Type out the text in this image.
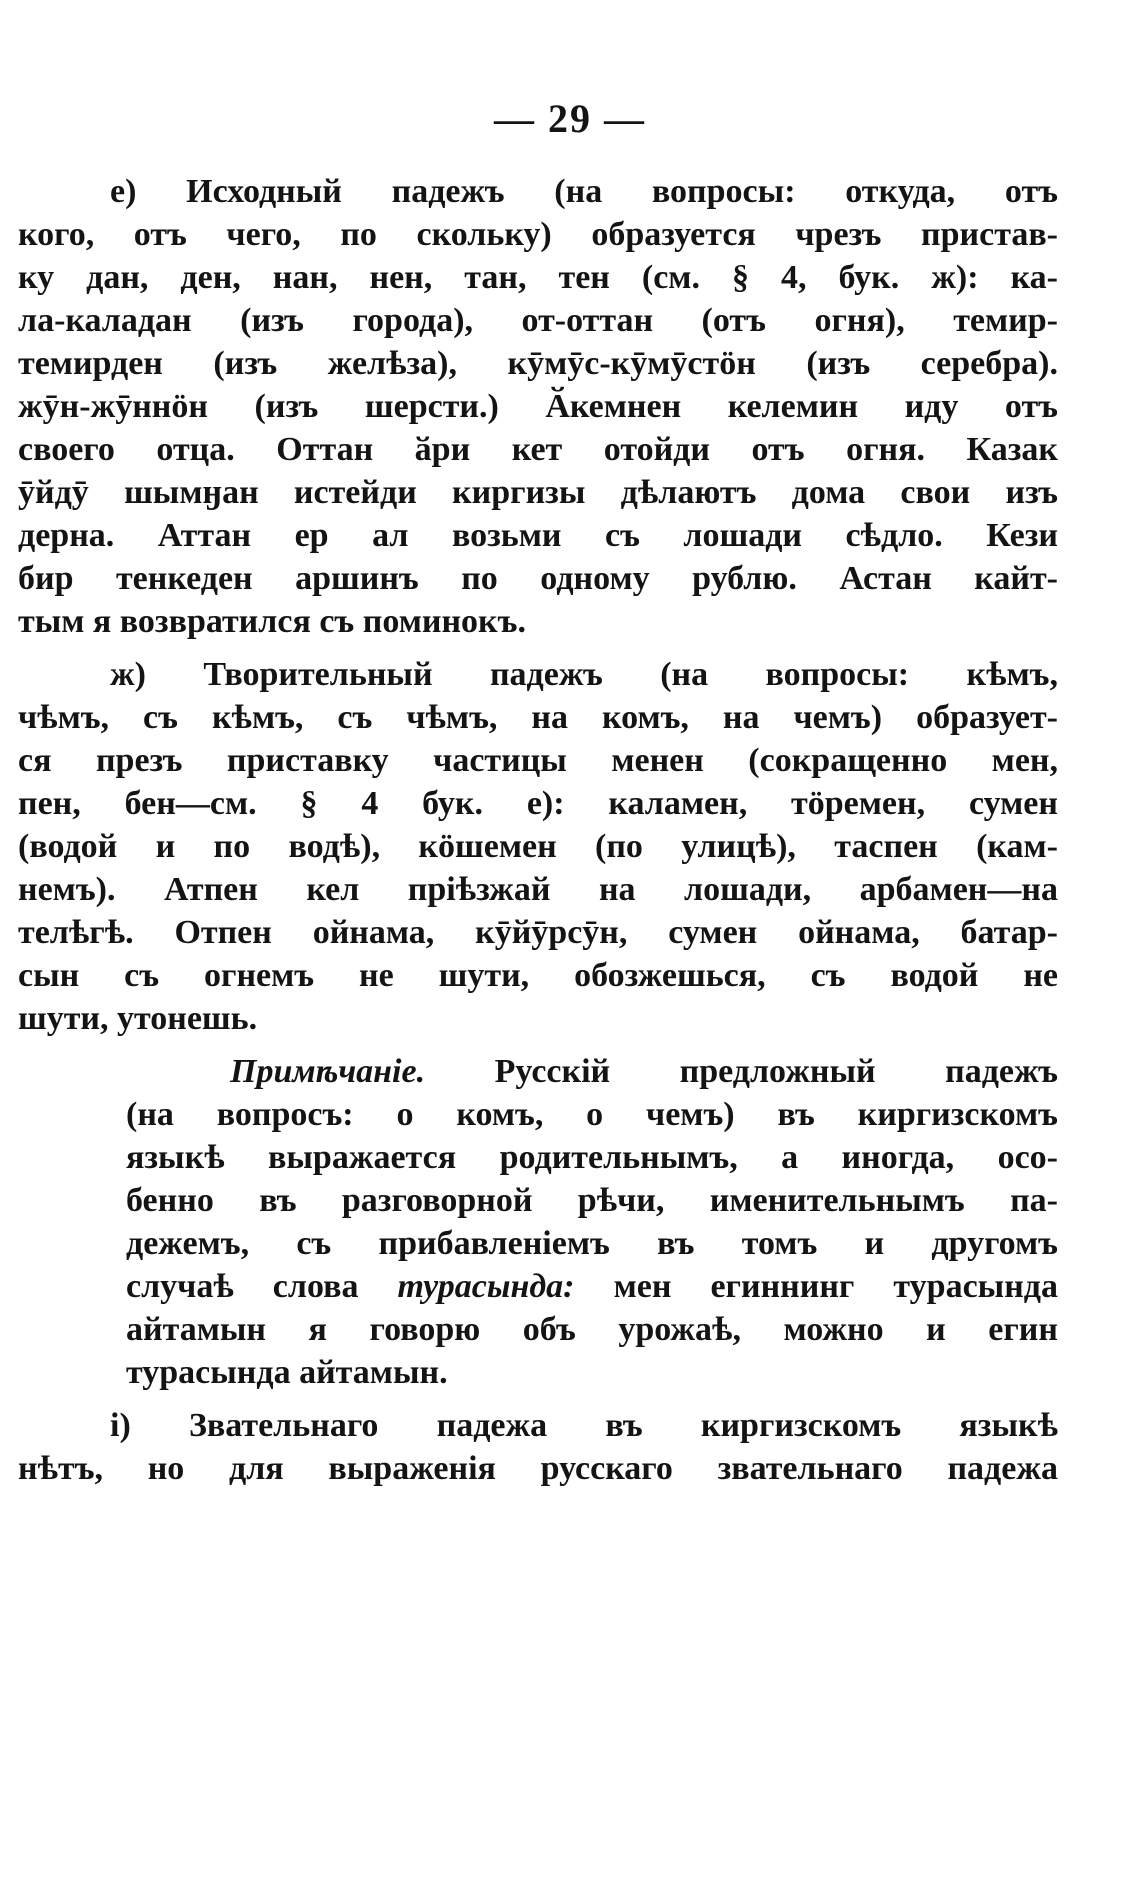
— 29 —
е) Исходный падежъ (на вопросы: откуда, отъ
кого, отъ чего, по скольку) образуется чрезъ пристав-
ку дан, ден, нан, нен, тан, тен (см. § 4, бук. ж): ка-
ла-каладан (изъ города), от-оттан (отъ огня), темир-
темирден (изъ желѣза), кӯмӯс-кӯмӯстӧн (изъ серебра).
жӯн-жӯннӧн (изъ шерсти.) Ӑкемнен келемин иду отъ
своего отца. Оттан ӑри кет отойди отъ огня. Казак
ӯйдӯ шымӈан истейди киргизы дѣлаютъ дома свои изъ
дерна. Аттан ер ал возьми съ лошади сѣдло. Кези
бир тенкеден аршинъ по одному рублю. Астан кайт-
тым я возвратился съ поминокъ.
ж) Творительный падежъ (на вопросы: кѣмъ,
чѣмъ, съ кѣмъ, съ чѣмъ, на комъ, на чемъ) образует-
ся презъ приставку частицы менен (сокращенно мен,
пен, бен—см. § 4 бук. е): каламен, тӧремен, сумен
(водой и по водѣ), кӧшемен (по улицѣ), таспен (кам-
немъ). Атпен кел пріѣзжай на лошади, арбамен—на
телѣгѣ. Отпен ойнама, кӯйӯрсӯн, сумен ойнама, батар-
сын съ огнемъ не шути, обозжешься, съ водой не
шути, утонешь.
Примѣчаніе. Русскій предложный падежъ
(на вопросъ: о комъ, о чемъ) въ киргизскомъ
языкѣ выражается родительнымъ, а иногда, осо-
бенно въ разговорной рѣчи, именительнымъ па-
дежемъ, съ прибавленіемъ въ томъ и другомъ
случаѣ слова турасында: мен егиннинг турасында
айтамын я говорю объ урожаѣ, можно и егин
турасында айтамын.
і) Звательнаго падежа въ киргизскомъ языкѣ
нѣтъ, но для выраженія русскаго звательнаго падежа
